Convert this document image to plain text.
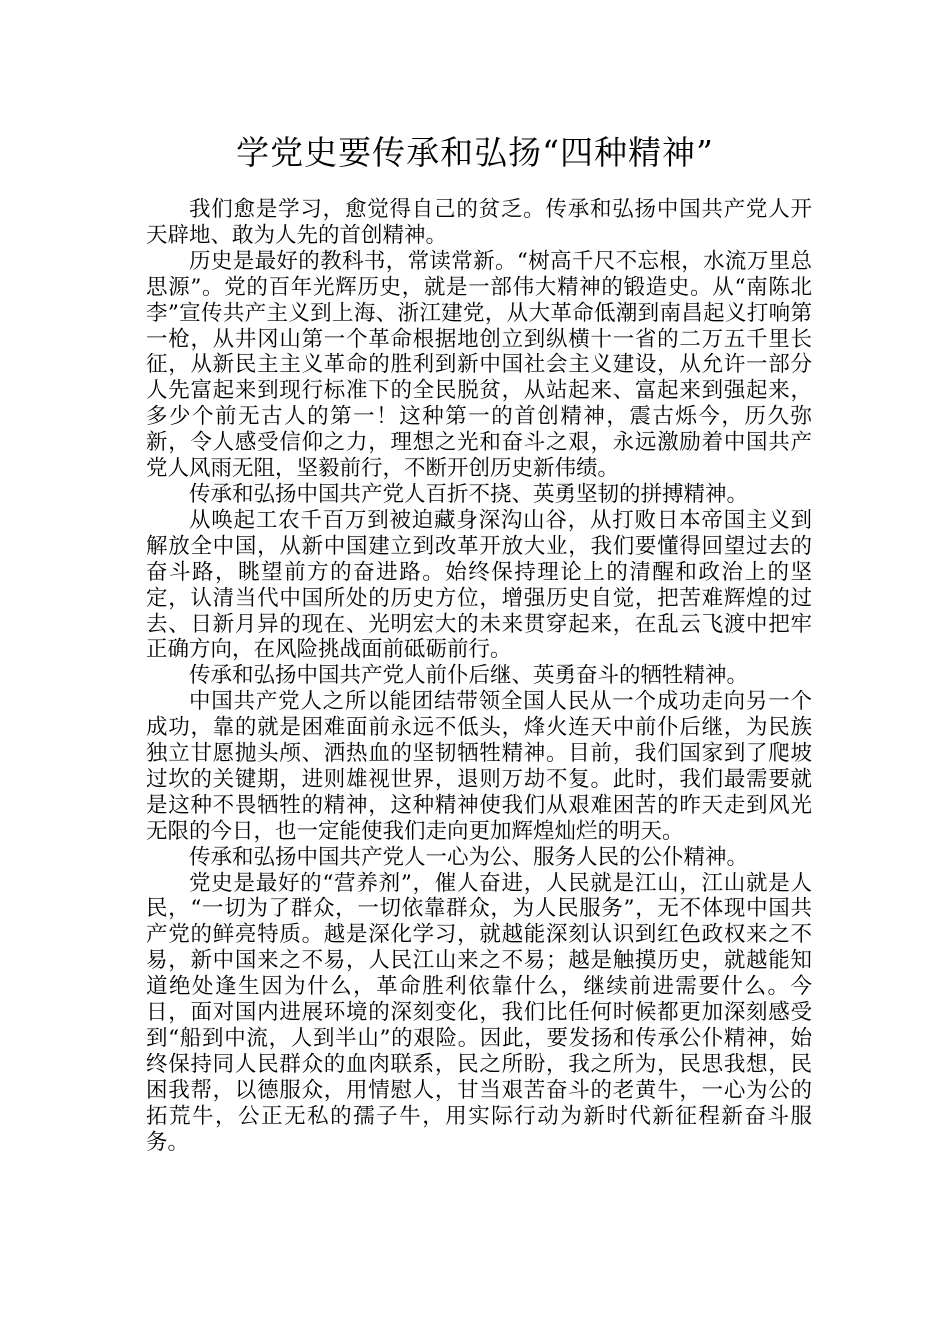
学党史要传承和弘扬“四种精神”

我们愈是学习，愈觉得自己的贫乏。传承和弘扬中国共产党人开天辟地、敢为人先的首创精神。

历史是最好的教科书，常读常新。“树高千尺不忘根，水流万里总思源”。党的百年光辉历史，就是一部伟大精神的锻造史。从“南陈北李”宣传共产主义到上海、浙江建党，从大革命低潮到南昌起义打响第一枪，从井冈山第一个革命根据地创立到纵横十一省的二万五千里长征，从新民主主义革命的胜利到新中国社会主义建设，从允许一部分人先富起来到现行标准下的全民脱贫，从站起来、富起来到强起来，多少个前无古人的第一！这种第一的首创精神，震古烁今，历久弥新，令人感受信仰之力，理想之光和奋斗之艰，永远激励着中国共产党人风雨无阻，坚毅前行，不断开创历史新伟绩。

传承和弘扬中国共产党人百折不挠、英勇坚韧的拼搏精神。

从唤起工农千百万到被迫藏身深沟山谷，从打败日本帝国主义到解放全中国，从新中国建立到改革开放大业，我们要懂得回望过去的奋斗路，眺望前方的奋进路。始终保持理论上的清醒和政治上的坚定，认清当代中国所处的历史方位，增强历史自觉，把苦难辉煌的过去、日新月异的现在、光明宏大的未来贯穿起来，在乱云飞渡中把牢正确方向，在风险挑战面前砥砺前行。

传承和弘扬中国共产党人前仆后继、英勇奋斗的牺牲精神。

中国共产党人之所以能团结带领全国人民从一个成功走向另一个成功，靠的就是困难面前永远不低头，烽火连天中前仆后继，为民族独立甘愿抛头颅、洒热血的坚韧牺牲精神。目前，我们国家到了爬坡过坎的关键期，进则雄视世界，退则万劫不复。此时，我们最需要就是这种不畏牺牲的精神，这种精神使我们从艰难困苦的昨天走到风光无限的今日，也一定能使我们走向更加辉煌灿烂的明天。

传承和弘扬中国共产党人一心为公、服务人民的公仆精神。

党史是最好的“营养剂”，催人奋进，人民就是江山，江山就是人民，“一切为了群众，一切依靠群众，为人民服务”，无不体现中国共产党的鲜亮特质。越是深化学习，就越能深刻认识到红色政权来之不易，新中国来之不易，人民江山来之不易；越是触摸历史，就越能知道绝处逢生因为什么，革命胜利依靠什么，继续前进需要什么。今日，面对国内进展环境的深刻变化，我们比任何时候都更加深刻感受到“船到中流，人到半山”的艰险。因此，要发扬和传承公仆精神，始终保持同人民群众的血肉联系，民之所盼，我之所为，民思我想，民困我帮，以德服众，用情慰人，甘当艰苦奋斗的老黄牛，一心为公的拓荒牛，公正无私的孺子牛，用实际行动为新时代新征程新奋斗服务。
